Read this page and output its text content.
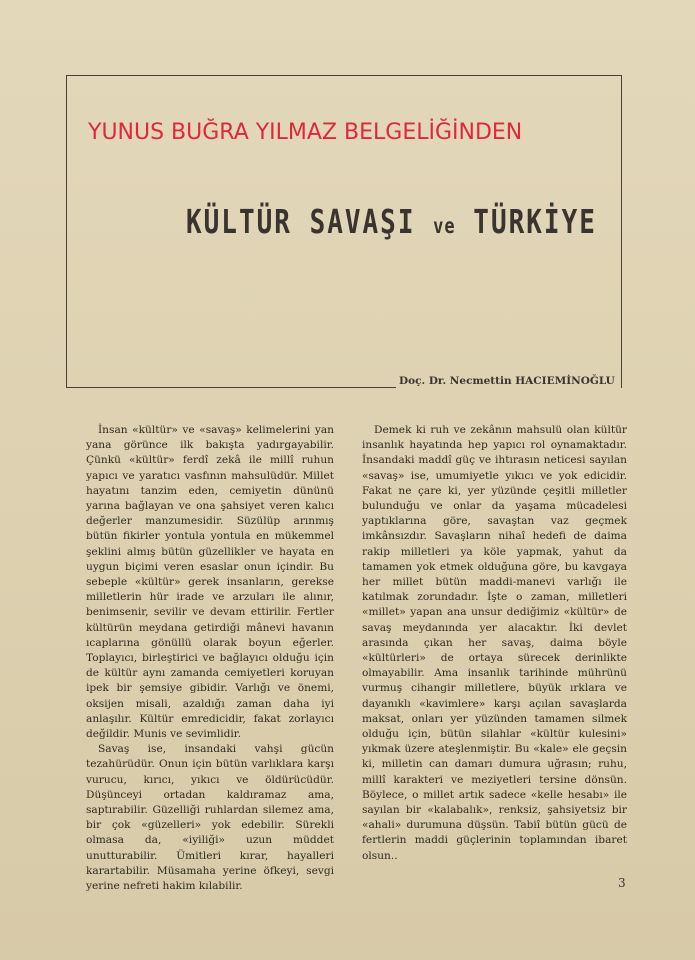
YUNUS BUĞRA YILMAZ BELGELİĞİNDEN
KÜLTÜR SAVAŞI ve TÜRKİYE
Doç. Dr. Necmettin HACIEMİNOĞLU

İnsan «kültür» ve «savaş» kelimelerini yan yana görünce ilk bakışta yadırgayabilir. Çünkü «kültür» ferdî zekâ ile millî ruhun yapıcı ve yaratıcı vasfının mahsulüdür. Millet hayatını tanzim eden, cemiyetin dününü yarına bağlayan ve ona şahsiyet veren kalıcı değerler manzumesidir. Süzülüp arınmış bütün fikirler yontula yontula en mükemmel şeklini almış bütün güzellikler ve hayata en uygun biçimi veren esaslar onun içindir. Bu sebeple «kültür» gerek insanların, gerekse milletlerin hür irade ve arzuları ile alınır, benimsenir, sevilir ve devam ettirilir. Fertler kültürün meydana getirdiği mânevi havanın ıcaplarına gönüllü olarak boyun eğerler. Toplayıcı, birleştirici ve bağlayıcı olduğu için de kültür aynı zamanda cemiyetleri koruyan ipek bir şemsiye gibidir. Varlığı ve önemi, oksijen misali, azaldığı zaman daha iyi anlaşılır. Kültür emredicidir, fakat zorlayıcı değildir. Munis ve sevimlidir.

Savaş ise, insandaki vahşi gücün tezahürüdür. Onun için bütün varlıklara karşı vurucu, kırıcı, yıkıcı ve öldürücüdür. Düşünceyi ortadan kaldıramaz ama, saptırabilir. Güzelliği ruhlardan silemez ama, bir çok «güzelleri» yok edebilir. Sürekli olmasa da, «iyiliği» uzun müddet unutturabilir. Ümitleri kırar, hayalleri karartabilir. Müsamaha yerine öfkeyi, sevgi yerine nefreti hakim kılabilir.

Demek ki ruh ve zekânın mahsulü olan kültür insanlık hayatında hep yapıcı rol oynamaktadır. İnsandaki maddî güç ve ihtırasın neticesi sayılan «savaş» ise, umumiyetle yıkıcı ve yok edicidir. Fakat ne çare ki, yer yüzünde çeşitli milletler bulunduğu ve onlar da yaşama mücadelesi yaptıklarına göre, savaştan vaz geçmek imkânsızdır. Savaşların nihaî hedefi de daima rakip milletleri ya köle yapmak, yahut da tamamen yok etmek olduğuna göre, bu kavgaya her millet bütün maddi-manevi varlığı ile katılmak zorundadır. İşte o zaman, milletleri «millet» yapan ana unsur dediğimiz «kültür» de savaş meydanında yer alacaktır. İki devlet arasında çıkan her savaş, daima böyle «kültürleri» de ortaya sürecek derinlikte olmayabilir. Ama insanlık tarihinde mührünü vurmuş cihangir milletlere, büyük ırklara ve dayanıklı «kavimlere» karşı açılan savaşlarda maksat, onları yer yüzünden tamamen silmek olduğu için, bütün silahlar «kültür kulesini» yıkmak üzere ateşlenmiştir. Bu «kale» ele geçsin ki, milletin can damarı dumura uğrasın; ruhu, millî karakteri ve meziyetleri tersine dönsün. Böylece, o millet artık sadece «kelle hesabı» ile sayılan bir «kalabalık», renksiz, şahsiyetsiz bir «ahali» durumuna düşsün. Tabiî bütün gücü de fertlerin maddi güçlerinin toplamından ibaret olsun..

3
